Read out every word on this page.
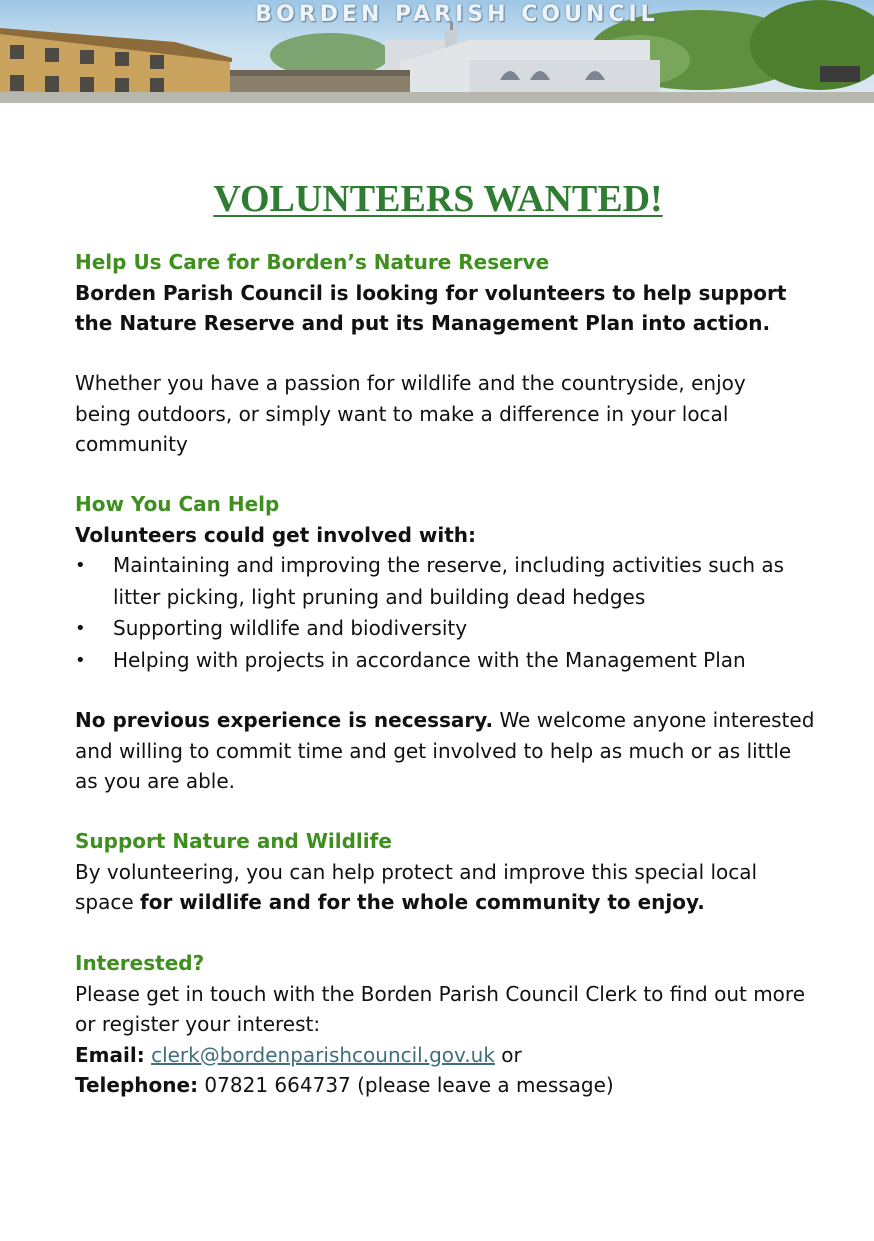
BORDEN PARISH COUNCIL
VOLUNTEERS WANTED!

Help Us Care for Borden’s Nature Reserve

Borden Parish Council is looking for volunteers to help support the Nature Reserve and put its Management Plan into action.

Whether you have a passion for wildlife and the countryside, enjoy being outdoors, or simply want to make a difference in your local community

How You Can Help

Volunteers could get involved with:

• Maintaining and improving the reserve, including activities such as litter picking, light pruning and building dead hedges
• Supporting wildlife and biodiversity
• Helping with projects in accordance with the Management Plan

No previous experience is necessary. We welcome anyone interested and willing to commit time and get involved to help as much or as little as you are able.

Support Nature and Wildlife

By volunteering, you can help protect and improve this special local space for wildlife and for the whole community to enjoy.

Interested?

Please get in touch with the Borden Parish Council Clerk to find out more or register your interest:

Email: clerk@bordenparishcouncil.gov.uk or

Telephone: 07821 664737 (please leave a message)
